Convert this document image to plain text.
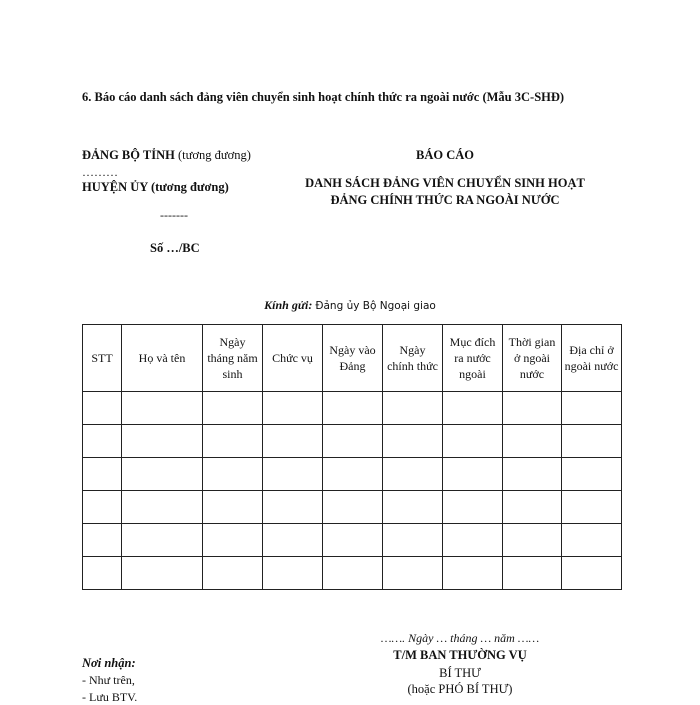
6. Báo cáo danh sách đảng viên chuyển sinh hoạt chính thức ra ngoài nước (Mẫu 3C-SHĐ)
ĐẢNG BỘ TỈNH (tương đương)
………
HUYỆN ỦY (tương đương)
-------
Số …/BC
BÁO CÁO
DANH SÁCH ĐẢNG VIÊN CHUYỂN SINH HOẠT
ĐẢNG CHÍNH THỨC RA NGOÀI NƯỚC
Kính gửi: Đảng ủy Bộ Ngoại giao
STT	Họ và tên	Ngày tháng năm sinh	Chức vụ	Ngày vào Đảng	Ngày chính thức	Mục đích ra nước ngoài	Thời gian ở ngoài nước	Địa chỉ ở ngoài nước

……. Ngày … tháng … năm ……
T/M BAN THƯỜNG VỤ
BÍ THƯ
(hoặc PHÓ BÍ THƯ)
Nơi nhận:
- Như trên,
- Lưu BTV.
